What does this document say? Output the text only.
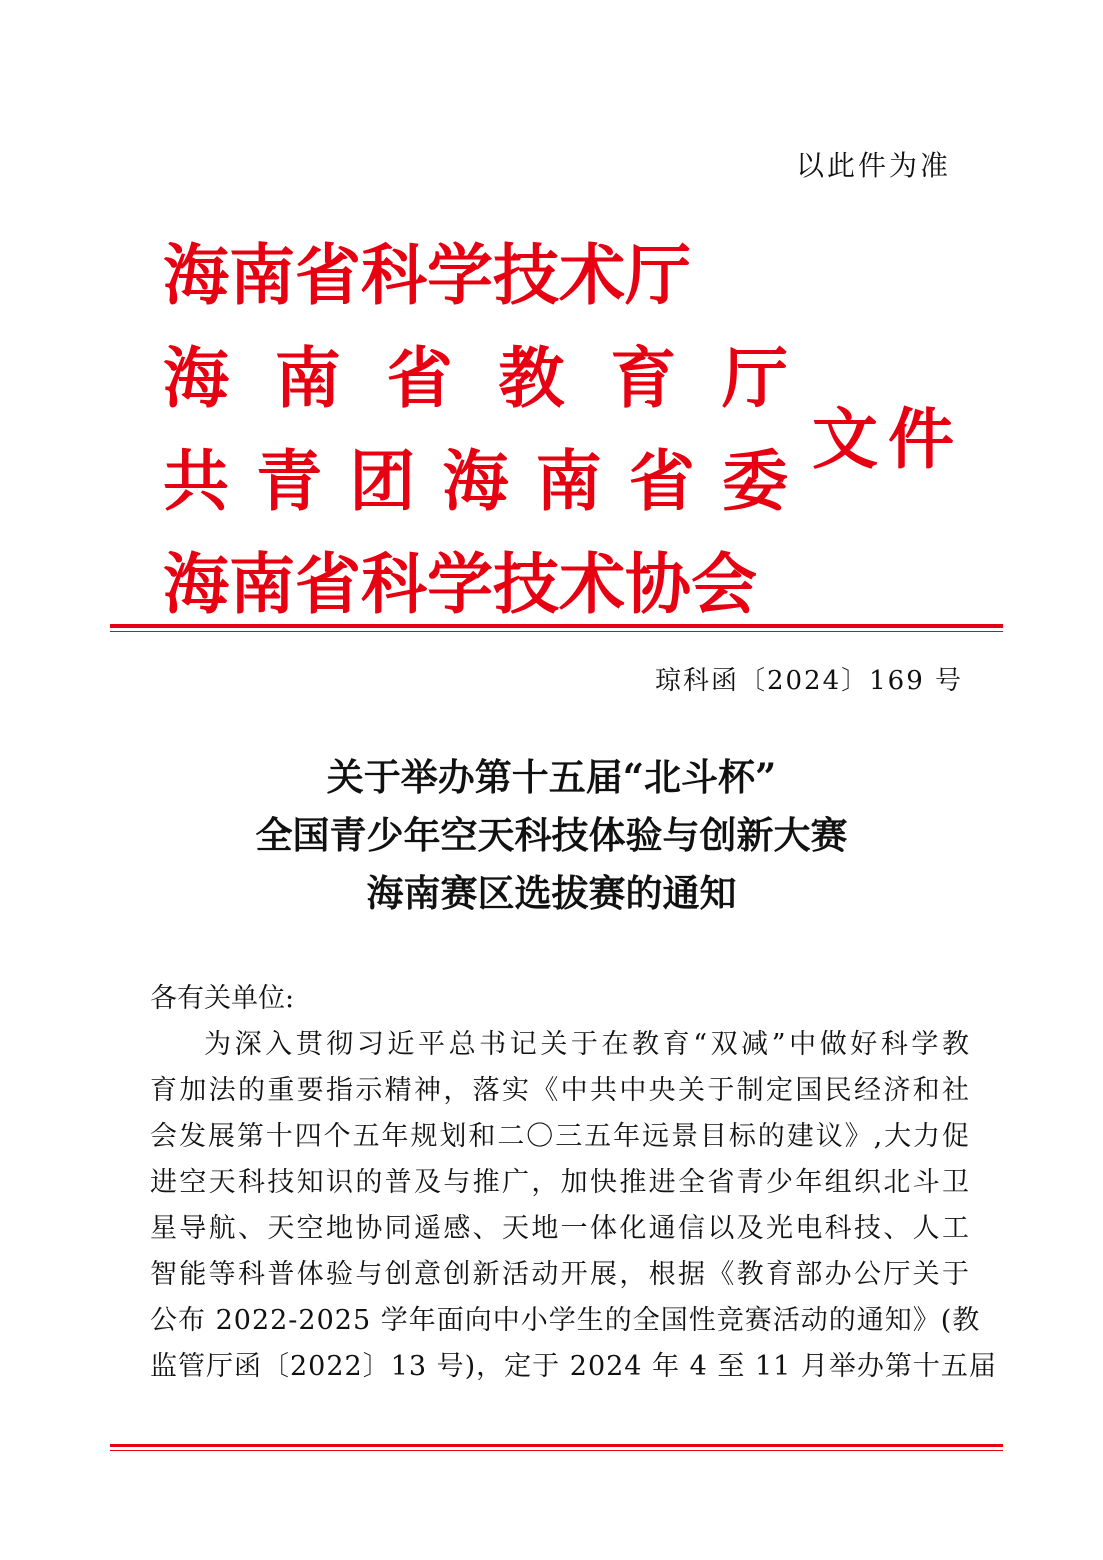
以此件为准
海南省科学技术厅
海 南 省 教 育 厅
共 青 团 海 南 省 委
海南省科学技术协会
文件
琼科函〔2024〕169 号
关于举办第十五届“北斗杯”
全国青少年空天科技体验与创新大赛
海南赛区选拔赛的通知
各有关单位:
为深入贯彻习近平总书记关于在教育“双减”中做好科学教
育加法的重要指示精神，落实《中共中央关于制定国民经济和社
会发展第十四个五年规划和二〇三五年远景目标的建议》,大力促
进空天科技知识的普及与推广，加快推进全省青少年组织北斗卫
星导航、天空地协同遥感、天地一体化通信以及光电科技、人工
智能等科普体验与创意创新活动开展，根据《教育部办公厅关于
公布 2022-2025 学年面向中小学生的全国性竞赛活动的通知》(教
监管厅函〔2022〕13 号)，定于 2024 年 4 至 11 月举办第十五届
